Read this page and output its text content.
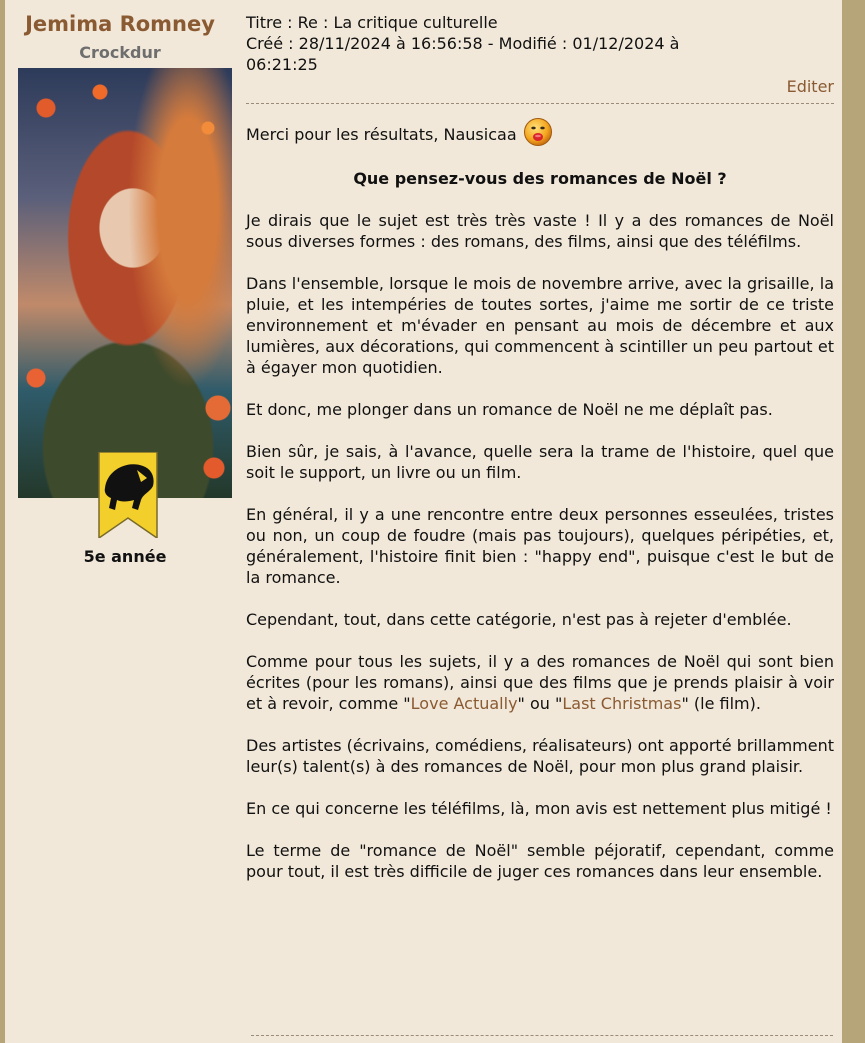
Jemima Romney
Crockdur
5e année
Titre : Re : La critique culturelle
Créé : 28/11/2024 à 16:56:58 - Modifié : 01/12/2024 à
06:21:25
Editer

Merci pour les résultats, Nausicaa

Que pensez-vous des romances de Noël ?

Je dirais que le sujet est très très vaste ! Il y a des romances de Noël sous diverses formes : des romans, des films, ainsi que des téléfilms.

Dans l'ensemble, lorsque le mois de novembre arrive, avec la grisaille, la pluie, et les intempéries de toutes sortes, j'aime me sortir de ce triste environnement et m'évader en pensant au mois de décembre et aux lumières, aux décorations, qui commencent à scintiller un peu partout et à égayer mon quotidien.

Et donc, me plonger dans un romance de Noël ne me déplaît pas.

Bien sûr, je sais, à l'avance, quelle sera la trame de l'histoire, quel que soit le support, un livre ou un film.

En général, il y a une rencontre entre deux personnes esseulées, tristes ou non, un coup de foudre (mais pas toujours), quelques péripéties, et, généralement, l'histoire finit bien : "happy end", puisque c'est le but de la romance.

Cependant, tout, dans cette catégorie, n'est pas à rejeter d'emblée.

Comme pour tous les sujets, il y a des romances de Noël qui sont bien écrites (pour les romans), ainsi que des films que je prends plaisir à voir et à revoir, comme "Love Actually" ou "Last Christmas" (le film).

Des artistes (écrivains, comédiens, réalisateurs) ont apporté brillamment leur(s) talent(s) à des romances de Noël, pour mon plus grand plaisir.

En ce qui concerne les téléfilms, là, mon avis est nettement plus mitigé !

Le terme de "romance de Noël" semble péjoratif, cependant, comme pour tout, il est très difficile de juger ces romances dans leur ensemble.
